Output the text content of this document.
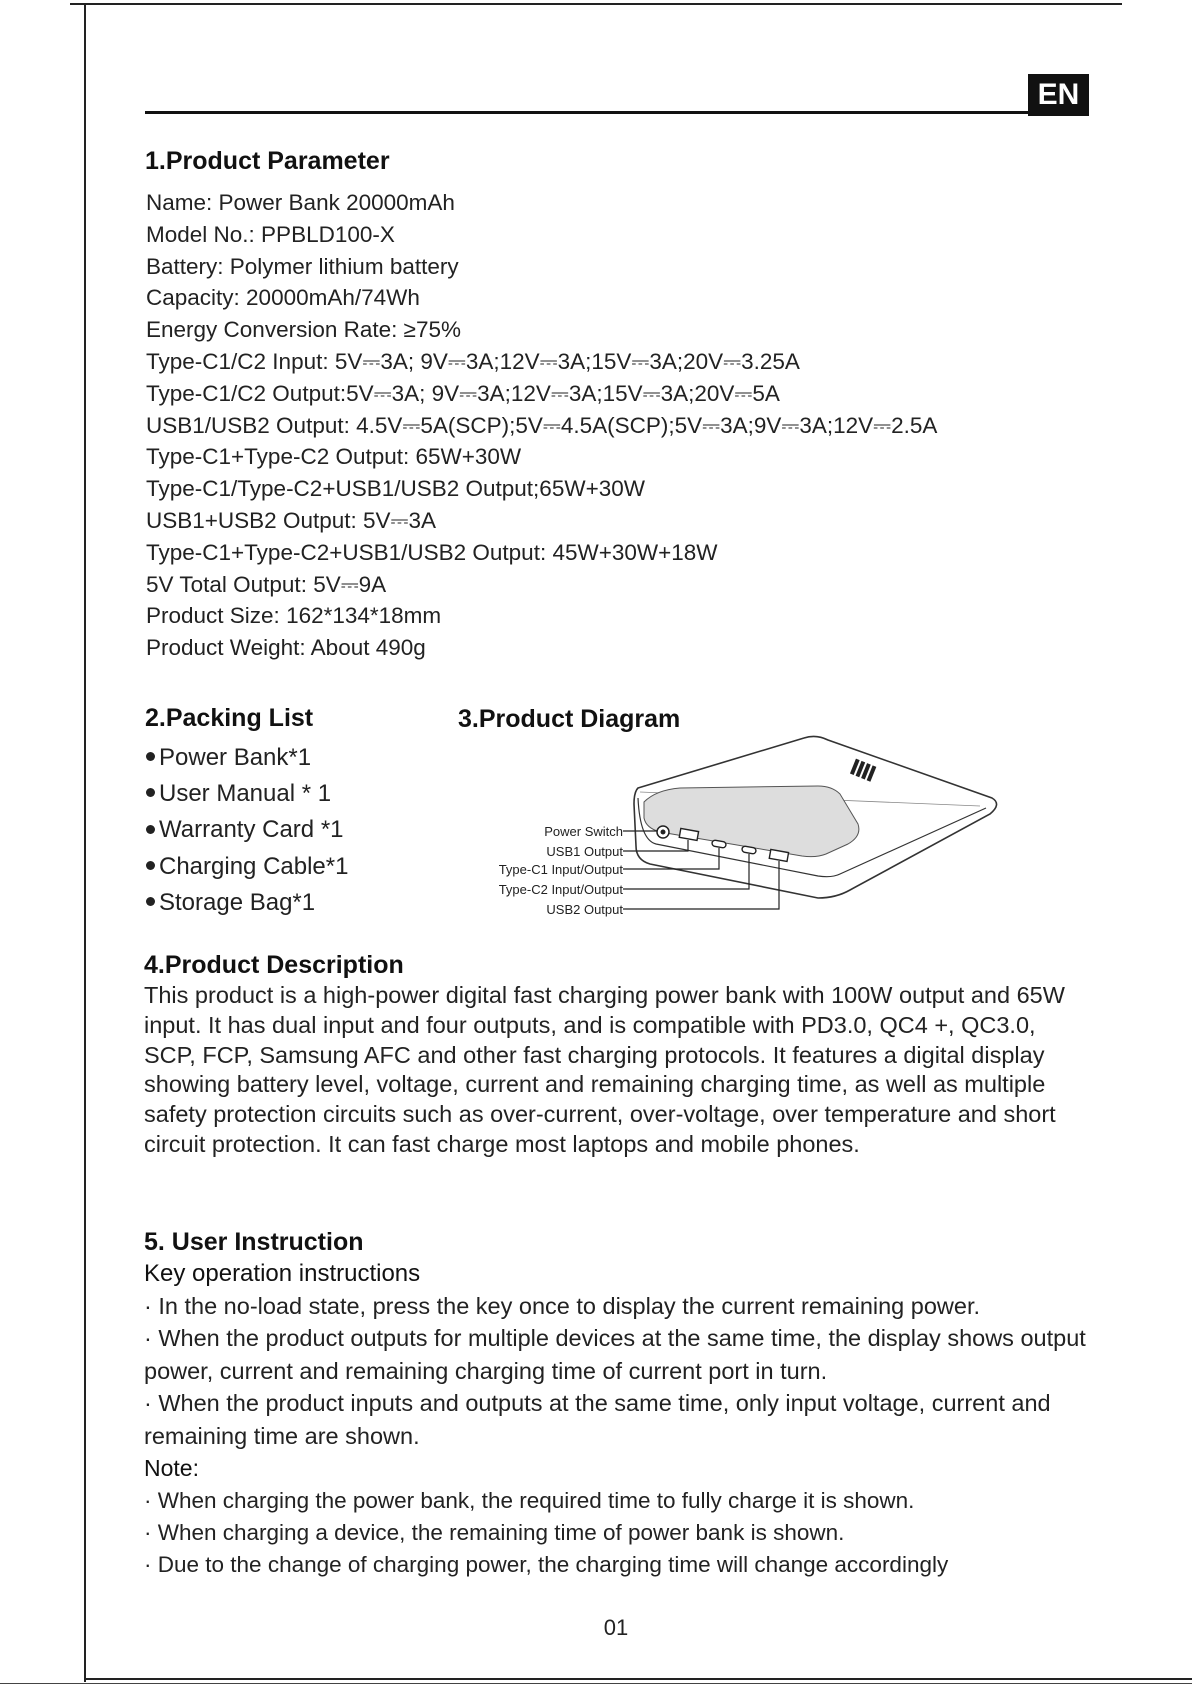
EN
1.Product Parameter
Name: Power Bank 20000mAh
Model No.: PPBLD100-X
Battery: Polymer lithium battery
Capacity: 20000mAh/74Wh
Energy Conversion Rate: ≥75%
Type-C1/C2 Input: 5V⎓3A; 9V⎓3A;12V⎓3A;15V⎓3A;20V⎓3.25A
Type-C1/C2 Output:5V⎓3A; 9V⎓3A;12V⎓3A;15V⎓3A;20V⎓5A
USB1/USB2 Output: 4.5V⎓5A(SCP);5V⎓4.5A(SCP);5V⎓3A;9V⎓3A;12V⎓2.5A
Type-C1+Type-C2 Output: 65W+30W
Type-C1/Type-C2+USB1/USB2 Output;65W+30W
USB1+USB2 Output: 5V⎓3A
Type-C1+Type-C2+USB1/USB2 Output: 45W+30W+18W
5V Total Output: 5V⎓9A
Product Size: 162*134*18mm
Product Weight: About 490g
2.Packing List
Power Bank*1
User Manual * 1
Warranty Card *1
Charging Cable*1
Storage Bag*1
3.Product Diagram
Power Switch
USB1 Output
Type-C1 Input/Output
Type-C2 Input/Output
USB2 Output
4.Product Description

This product is a high-power digital fast charging power bank with 100W output and 65W input. It has dual input and four outputs, and is compatible with PD3.0, QC4 +, QC3.0, SCP, FCP, Samsung AFC and other fast charging protocols. It features a digital display showing battery level, voltage, current and remaining charging time, as well as multiple safety protection circuits such as over-current, over-voltage, over temperature and short circuit protection. It can fast charge most laptops and mobile phones.

5. User Instruction

Key operation instructions

· In the no-load state, press the key once to display the current remaining power.

· When the product outputs for multiple devices at the same time, the display shows output power, current and remaining charging time of current port in turn.

· When the product inputs and outputs at the same time, only input voltage, current and remaining time are shown.

Note:

· When charging the power bank, the required time to fully charge it is shown.

· When charging a device, the remaining time of power bank is shown.

· Due to the change of charging power, the charging time will change accordingly

01
